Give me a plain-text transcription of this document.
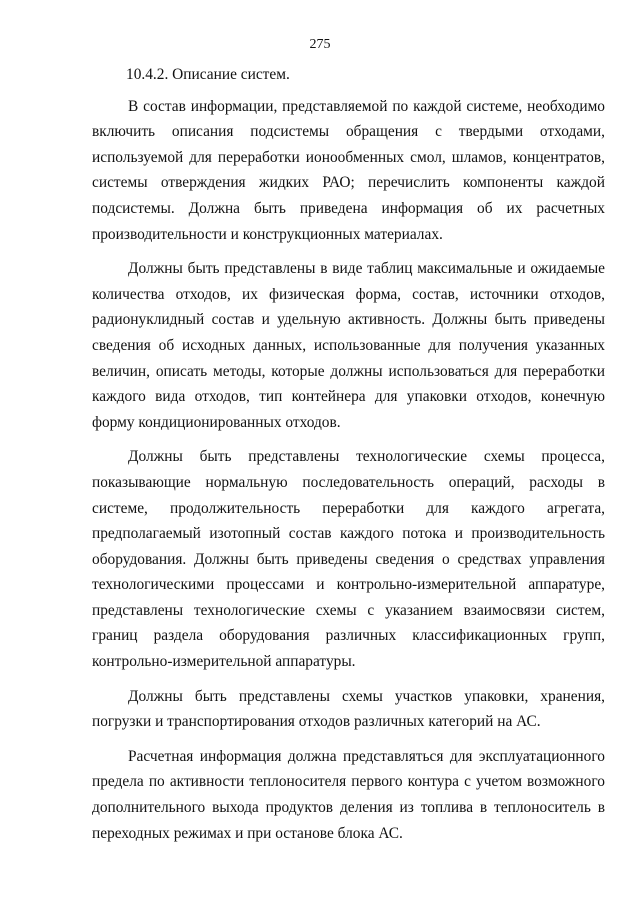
275
10.4.2. Описание систем.

В состав информации, представляемой по каждой системе, необходимо включить описания подсистемы обращения с твердыми отходами, используемой для переработки ионообменных смол, шламов, концентратов, системы отверждения жидких РАО; перечислить компоненты каждой подсистемы. Должна быть приведена информация об их расчетных производительности и конструкционных материалах.

Должны быть представлены в виде таблиц максимальные и ожидаемые количества отходов, их физическая форма, состав, источники отходов, радионуклидный состав и удельную активность. Должны быть приведены сведения об исходных данных, использованные для получения указанных величин, описать методы, которые должны использоваться для переработки каждого вида отходов, тип контейнера для упаковки отходов, конечную форму кондиционированных отходов.

Должны быть представлены технологические схемы процесса, показывающие нормальную последовательность операций, расходы в системе, продолжительность переработки для каждого агрегата, предполагаемый изотопный состав каждого потока и производительность оборудования. Должны быть приведены сведения о средствах управления технологическими процессами и контрольно-измерительной аппаратуре, представлены технологические схемы с указанием взаимосвязи систем, границ раздела оборудования различных классификационных групп, контрольно-измерительной аппаратуры.

Должны быть представлены схемы участков упаковки, хранения, погрузки и транспортирования отходов различных категорий на АС.

Расчетная информация должна представляться для эксплуатационного предела по активности теплоносителя первого контура с учетом возможного дополнительного выхода продуктов деления из топлива в теплоноситель в переходных режимах и при останове блока АС.
